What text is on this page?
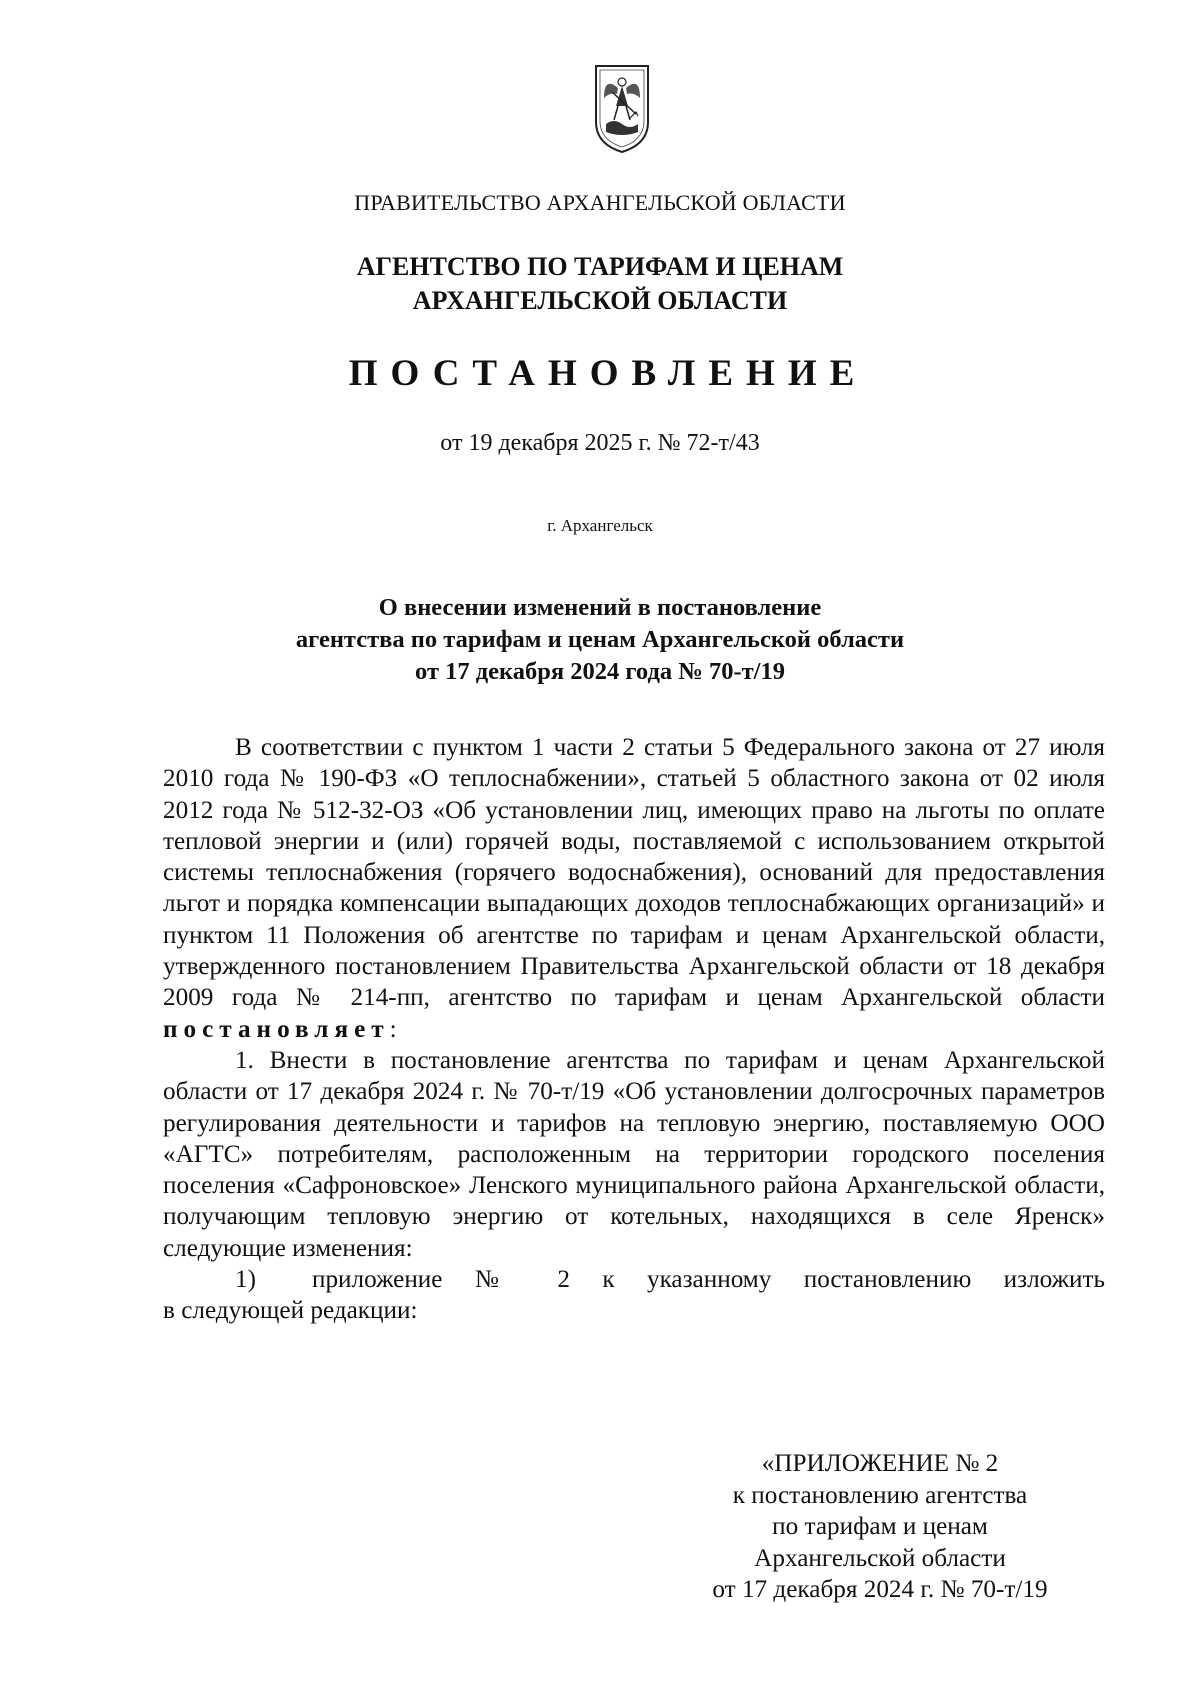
ПРАВИТЕЛЬСТВО АРХАНГЕЛЬСКОЙ ОБЛАСТИ
АГЕНТСТВО ПО ТАРИФАМ И ЦЕНАМ
АРХАНГЕЛЬСКОЙ ОБЛАСТИ
ПОСТАНОВЛЕНИЕ
от 19 декабря 2025 г. № 72-т/43
г. Архангельск
О внесении изменений в постановление
агентства по тарифам и ценам Архангельской области
от 17 декабря 2024 года № 70-т/19

В соответствии с пунктом 1 части 2 статьи 5 Федерального закона от 27 июля 2010 года № 190-ФЗ «О теплоснабжении», статьей 5 областного закона от 02 июля 2012 года № 512-32-ОЗ «Об установлении лиц, имеющих право на льготы по оплате тепловой энергии и (или) горячей воды, поставляемой с использованием открытой системы теплоснабжения (горячего водоснабжения), оснований для предоставления льгот и порядка компенсации выпадающих доходов теплоснабжающих организаций» и пунктом 11 Положения об агентстве по тарифам и ценам Архангельской области, утвержденного постановлением Правительства Архангельской области от 18 декабря 2009 года № 214-пп, агентство по тарифам и ценам Архангельской области постановляет:

1. Внести в постановление агентства по тарифам и ценам Архангельской области от 17 декабря 2024 г. № 70-т/19 «Об установлении долгосрочных параметров регулирования деятельности и тарифов на тепловую энергию, поставляемую ООО «АГТС» потребителям, расположенным на территории городского поселения поселения «Сафроновское» Ленского муниципального района Архангельской области, получающим тепловую энергию от котельных, находящихся в селе Яренск» следующие изменения:

1)	приложение № 2 к указанному постановлению изложить

в следующей редакции:

«ПРИЛОЖЕНИЕ № 2
к постановлению агентства
по тарифам и ценам
Архангельской области
от 17 декабря 2024 г. № 70-т/19
